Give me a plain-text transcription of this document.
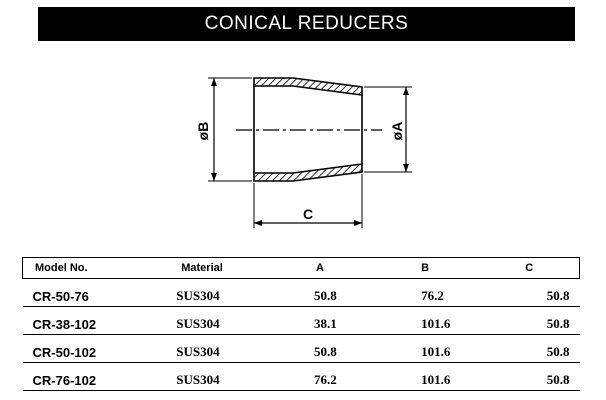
CONICAL REDUCERS
øB	øA
C
Model No.	Material	A	B	C
CR-50-76	SUS304	50.8	76.2	50.8
CR-38-102	SUS304	38.1	101.6	50.8
CR-50-102	SUS304	50.8	101.6	50.8
CR-76-102	SUS304	76.2	101.6	50.8
